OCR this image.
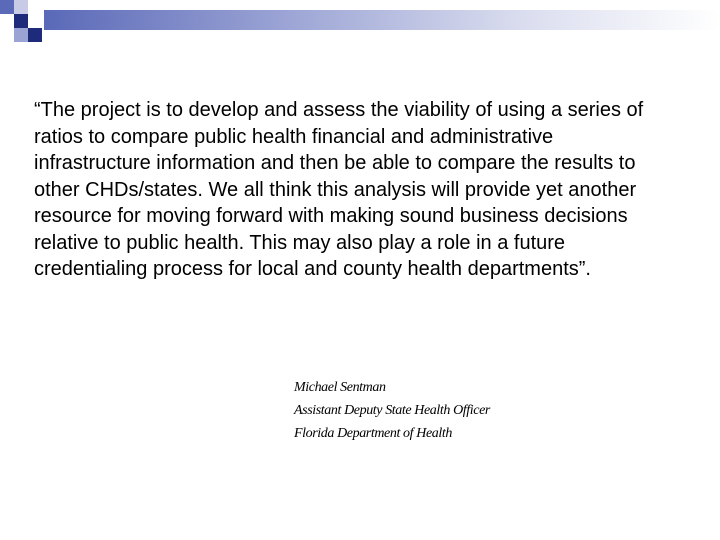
“The project is to develop and assess the viability of using a series of ratios to compare public health financial and administrative infrastructure information and then be able to compare the results to other CHDs/states. We all think this analysis will provide yet another resource for moving forward with making sound business decisions relative to public health. This may also play a role in a future credentialing process for local and county health departments”.

Michael Sentman
Assistant Deputy State Health Officer
Florida Department of Health
